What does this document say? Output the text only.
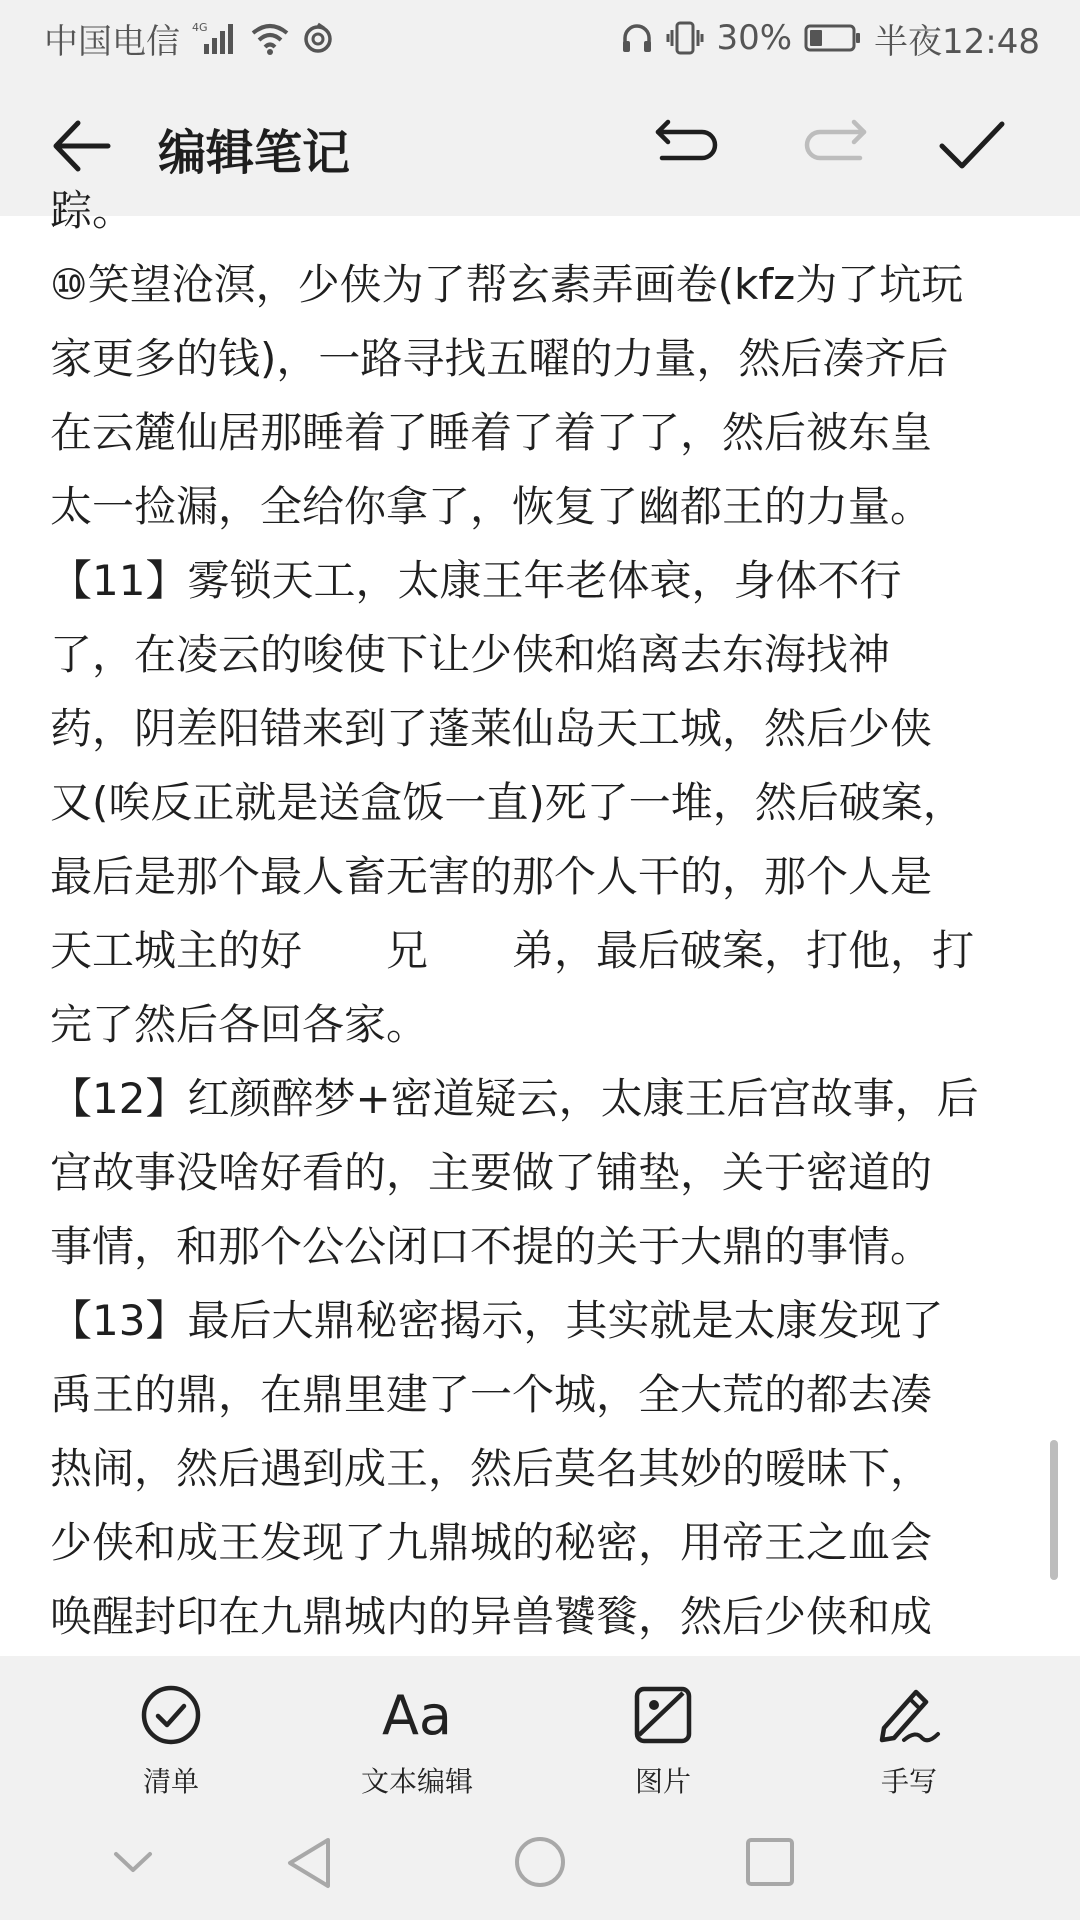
中国电信 4G	30% 半夜12:48
编辑笔记
踪。
⑩笑望沧溟，少侠为了帮玄素弄画卷(kfz为了坑玩
家更多的钱)，一路寻找五曜的力量，然后凑齐后
在云麓仙居那睡着了睡着了着了了，然后被东皇
太一捡漏，全给你拿了，恢复了幽都王的力量。
【11】雾锁天工，太康王年老体衰，身体不行
了，在凌云的唆使下让少侠和焰离去东海找神
药，阴差阳错来到了蓬莱仙岛天工城，然后少侠
又(唉反正就是送盒饭一直)死了一堆，然后破案，
最后是那个最人畜无害的那个人干的，那个人是
天工城主的好　　兄　　弟，最后破案，打他，打
完了然后各回各家。
【12】红颜醉梦+密道疑云，太康王后宫故事，后
宫故事没啥好看的，主要做了铺垫，关于密道的
事情，和那个公公闭口不提的关于大鼎的事情。
【13】最后大鼎秘密揭示，其实就是太康发现了
禹王的鼎，在鼎里建了一个城，全大荒的都去凑
热闹，然后遇到成王，然后莫名其妙的暧昧下，
少侠和成王发现了九鼎城的秘密，用帝王之血会
唤醒封印在九鼎城内的异兽饕餮，然后少侠和成
清单
Aa
文本编辑	图片	手写
